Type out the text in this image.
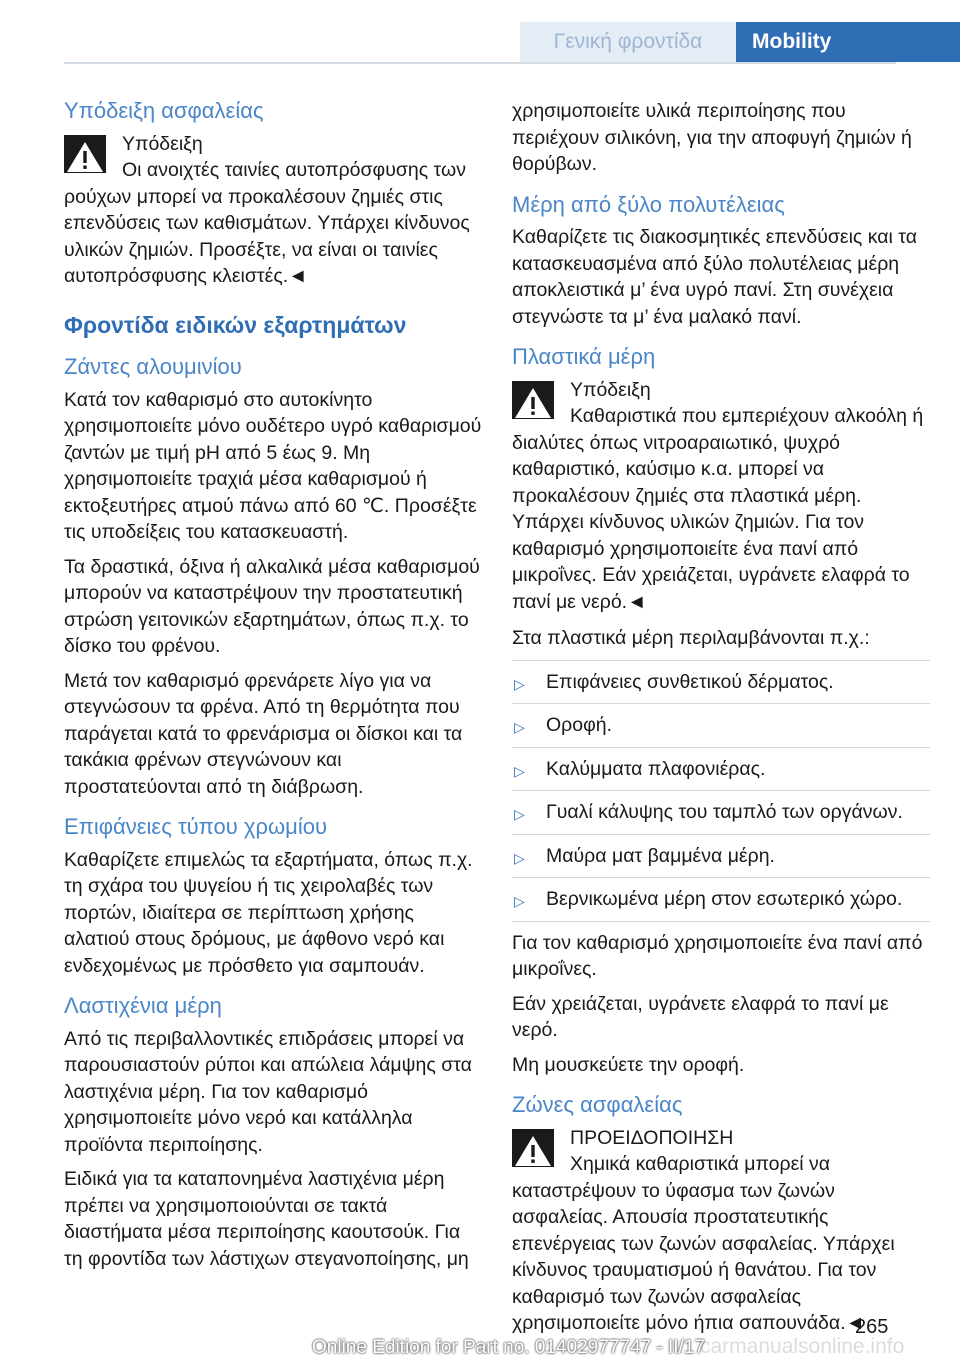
Γενική φροντίδα	Mobility
Υπόδειξη ασφαλείας
Υπόδειξη
Οι ανοιχτές ταινίες αυτοπρόσφυσης των ρούχων μπορεί να προκαλέσουν ζημιές στις επενδύσεις των καθισμάτων. Υπάρχει κίνδυνος υλικών ζημιών. Προσέξτε, να είναι οι ταινίες αυτοπρόσφυσης κλειστές.◄
Φροντίδα ειδικών εξαρτημάτων
Ζάντες αλουμινίου

Κατά τον καθαρισμό στο αυτοκίνητο χρησιμοποιείτε μόνο ουδέτερο υγρό καθαρισμού ζαντών με τιμή pH από 5 έως 9. Μη χρησιμοποιείτε τραχιά μέσα καθαρισμού ή εκτοξευτήρες ατμού πάνω από 60 ℃. Προσέξτε τις υποδείξεις του κατασκευαστή.

Τα δραστικά, όξινα ή αλκαλικά μέσα καθαρισμού μπορούν να καταστρέψουν την προστατευτική στρώση γειτονικών εξαρτημάτων, όπως π.χ. το δίσκο του φρένου.

Μετά τον καθαρισμό φρενάρετε λίγο για να στεγνώσουν τα φρένα. Από τη θερμότητα που παράγεται κατά το φρενάρισμα οι δίσκοι και τα τακάκια φρένων στεγνώνουν και προστατεύονται από τη διάβρωση.

Επιφάνειες τύπου χρωμίου

Καθαρίζετε επιμελώς τα εξαρτήματα, όπως π.χ. τη σχάρα του ψυγείου ή τις χειρολαβές των πορτών, ιδιαίτερα σε περίπτωση χρήσης αλατιού στους δρόμους, με άφθονο νερό και ενδεχομένως με πρόσθετο για σαμπουάν.

Λαστιχένια μέρη

Από τις περιβαλλοντικές επιδράσεις μπορεί να παρουσιαστούν ρύποι και απώλεια λάμψης στα λαστιχένια μέρη. Για τον καθαρισμό χρησιμοποιείτε μόνο νερό και κατάλληλα προϊόντα περιποίησης.

Ειδικά για τα καταπονημένα λαστιχένια μέρη πρέπει να χρησιμοποιούνται σε τακτά διαστήματα μέσα περιποίησης καουτσούκ. Για τη φροντίδα των λάστιχων στεγανοποίησης, μη

χρησιμοποιείτε υλικά περιποίησης που περιέχουν σιλικόνη, για την αποφυγή ζημιών ή θορύβων.

Μέρη από ξύλο πολυτέλειας

Καθαρίζετε τις διακοσμητικές επενδύσεις και τα κατασκευασμένα από ξύλο πολυτέλειας μέρη αποκλειστικά μ’ ένα υγρό πανί. Στη συνέχεια στεγνώστε τα μ’ ένα μαλακό πανί.

Πλαστικά μέρη
Υπόδειξη
Καθαριστικά που εμπεριέχουν αλκοόλη ή διαλύτες όπως νιτροαραιωτικό, ψυχρό καθαριστικό, καύσιμο κ.α. μπορεί να προκαλέσουν ζημιές στα πλαστικά μέρη. Υπάρχει κίνδυνος υλικών ζημιών. Για τον καθαρισμό χρησιμοποιείτε ένα πανί από μικροΐνες. Εάν χρειάζεται, υγράνετε ελαφρά το πανί με νερό.◄

Στα πλαστικά μέρη περιλαμβάνονται π.χ.:

▷ Επιφάνειες συνθετικού δέρματος.
▷ Οροφή.
▷ Καλύμματα πλαφονιέρας.
▷ Γυαλί κάλυψης του ταμπλό των οργάνων.
▷ Μαύρα ματ βαμμένα μέρη.
▷ Βερνικωμένα μέρη στον εσωτερικό χώρο.

Για τον καθαρισμό χρησιμοποιείτε ένα πανί από μικροΐνες.

Εάν χρειάζεται, υγράνετε ελαφρά το πανί με νερό.

Μη μουσκεύετε την οροφή.

Ζώνες ασφαλείας
ΠΡΟΕΙΔΟΠΟΙΗΣΗ
Χημικά καθαριστικά μπορεί να καταστρέψουν το ύφασμα των ζωνών ασφαλείας. Απουσία προστατευτικής επενέργειας των ζωνών ασφαλείας. Υπάρχει κίνδυνος τραυματισμού ή θανάτου. Για τον καθαρισμό των ζωνών ασφαλείας χρησιμοποιείτε μόνο ήπια σαπουνάδα.◄
265
carmanualsonline.info
Online Edition for Part no. 01402977747 - II/17
